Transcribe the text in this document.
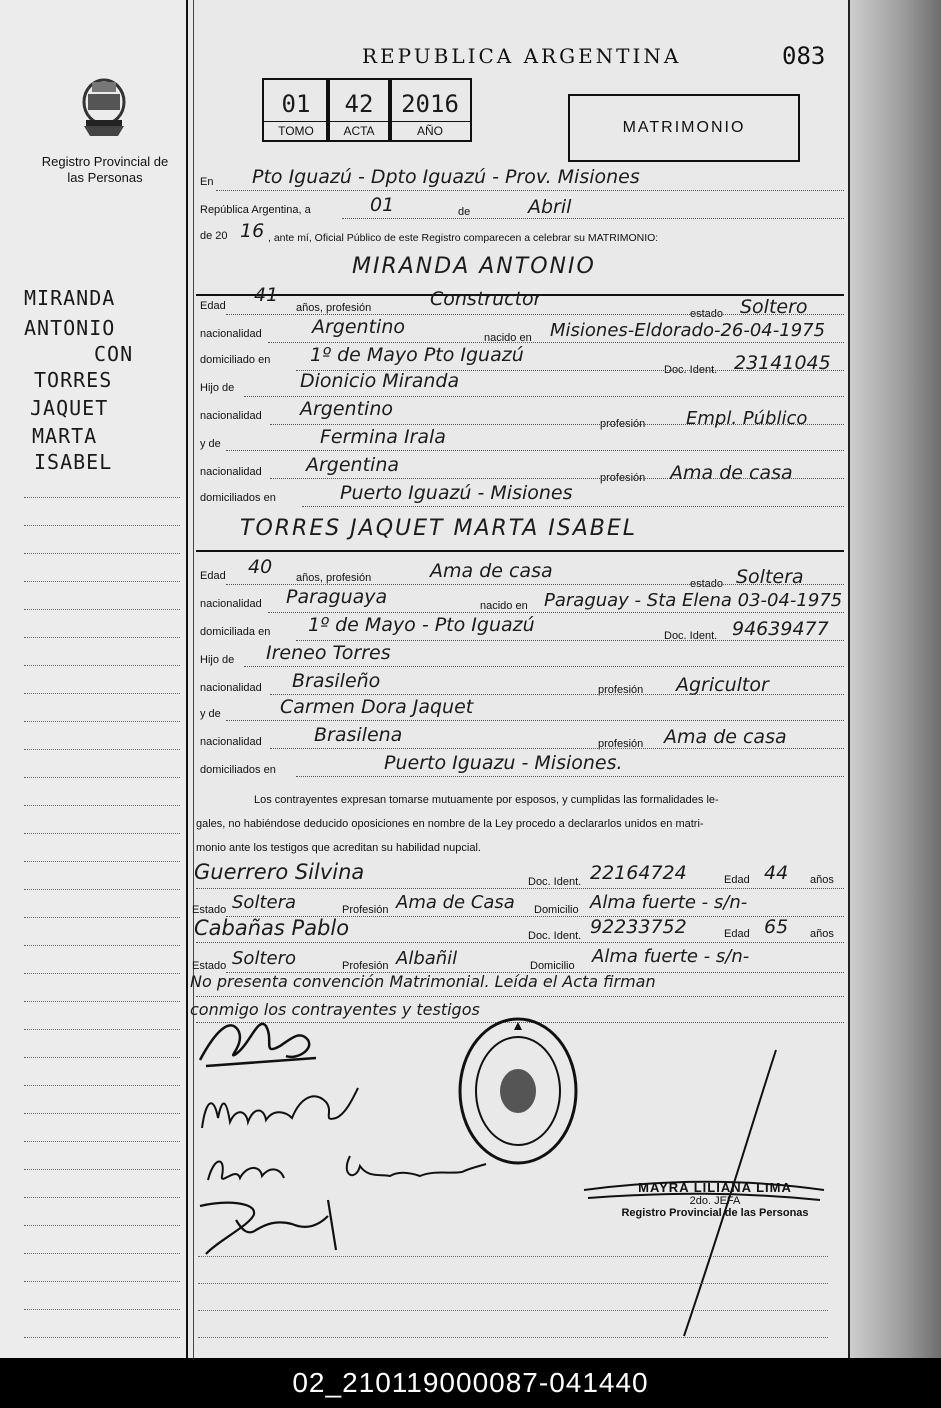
Registro Provincial de las Personas
MIRANDA
ANTONIO
CON
TORRES
JAQUET
MARTA
ISABEL
REPUBLICA ARGENTINA	083
01
TOMO
42
ACTA
2016
AÑO	MATRIMONIO
En Pto Iguazú - Dpto Iguazú - Prov. Misiones
República Argentina, a	01	de	Abril
de 20 16 , ante mí, Oficial Público de este Registro comparecen a celebrar su MATRIMONIO:
MIRANDA ANTONIO
Edad 41
años, profesión	Constructor
estado Soltero
nacionalidad	Argentino	nacido en Misiones-Eldorado-26-04-1975
domiciliado en 1º de Mayo Pto Iguazú
Doc. Ident. 23141045
Hijo de	Dionicio Miranda
nacionalidad Argentino
profesión Empl. Público
y de	Fermina Irala
nacionalidad Argentina
profesión Ama de casa
domiciliados en	Puerto Iguazú - Misiones
TORRES JAQUET MARTA ISABEL
Edad 40 años, profesión	Ama de casa
estado Soltera
nacionalidad Paraguaya	nacido en Paraguay - Sta Elena 03-04-1975
domiciliada en 1º de Mayo - Pto Iguazú	Doc. Ident. 94639477
Hijo de Ireneo Torres
nacionalidad Brasileño	profesión Agricultor
y de	Carmen Dora Jaquet
nacionalidad	Brasilena	profesión Ama de casa
domiciliados en	Puerto Iguazu - Misiones.
Los contrayentes expresan tomarse mutuamente por esposos, y cumplidas las formalidades le-
gales, no habiéndose deducido oposiciones en nombre de la Ley procedo a declararlos unidos en matri-
monio ante los testigos que acreditan su habilidad nupcial.
Guerrero Silvina	Doc. Ident. 22164724	Edad 44 años
Estado Soltera	Profesión Ama de Casa Domicilio Alma fuerte - s/n-
Cabañas Pablo	Doc. Ident. 92233752	Edad 65 años
Estado Soltero	Profesión Albañil	Domicilio Alma fuerte - s/n-
No presenta convención Matrimonial. Leída el Acta firman
conmigo los contrayentes y testigos
MAYRA LILIANA LIMA
2do. JEFA
Registro Provincial de las Personas
02_210119000087-041440
